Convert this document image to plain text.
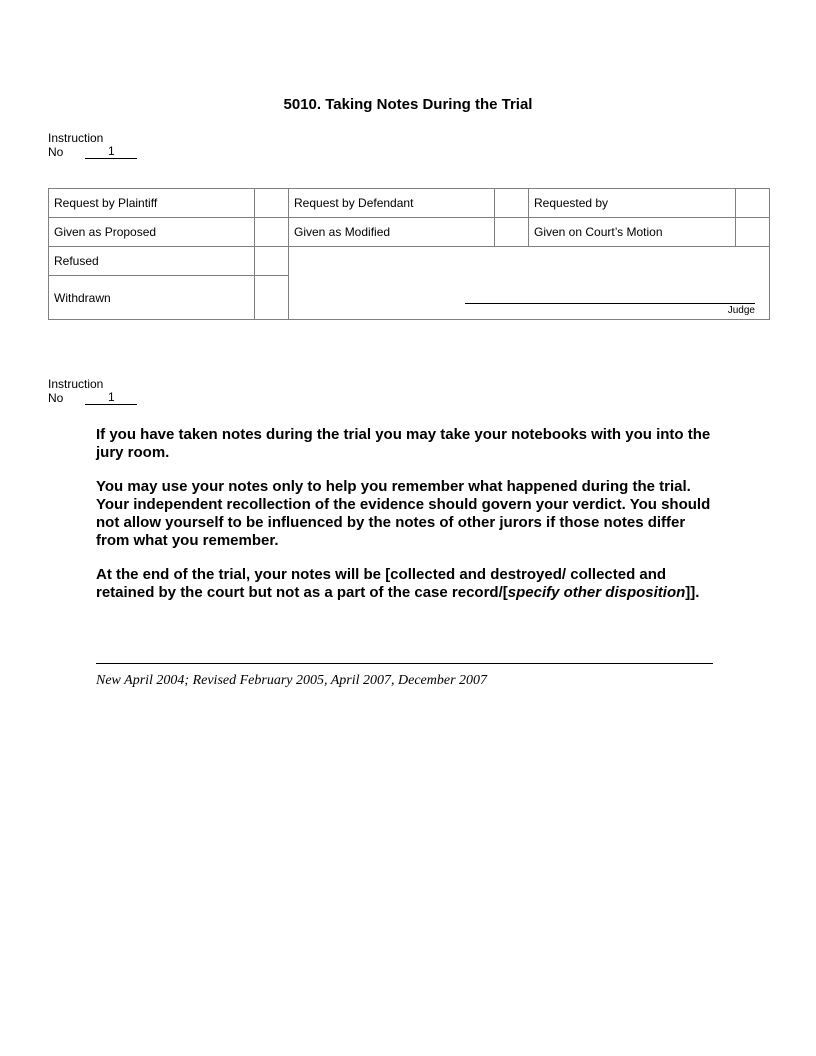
5010. Taking Notes During the Trial
Instruction
No	1
Request by Plaintiff		Request by Defendant		Requested by	
Given as Proposed		Given as Modified		Given on Court’s Motion	
Refused		Judge			

Withdrawn					
Instruction
No	1

If you have taken notes during the trial you may take your notebooks with you into the jury room.

You may use your notes only to help you remember what happened during the trial. Your independent recollection of the evidence should govern your verdict. You should not allow yourself to be influenced by the notes of other jurors if those notes differ from what you remember.

At the end of the trial, your notes will be [collected and destroyed/ collected and retained by the court but not as a part of the case record/[specify other disposition]].

New April 2004; Revised February 2005, April 2007, December 2007
